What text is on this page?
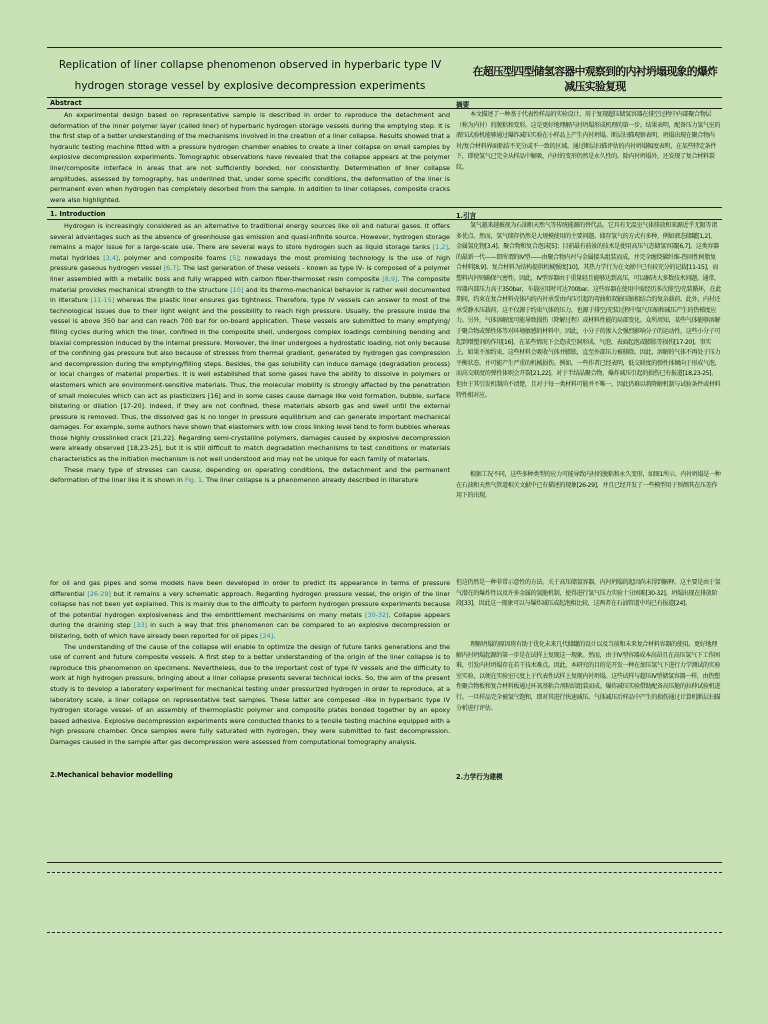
Replication of liner collapse phenomenon observed in hyperbaric type IV hydrogen storage vessel by explosive decompression experiments
在超压型四型储氢容器中观察到的内衬坍塌现象的爆炸减压实验复现
Abstract	摘要

An experimental design based on representative sample is described in order to reproduce the detachment and deformation of the inner polymer layer (called liner) of hyperbaric hydrogen storage vessels during the emptying step. It is the first step of a better understanding of the mechanisms involved in the creation of a liner collapse. Results showed that a hydraulic testing machine fitted with a pressure hydrogen chamber enables to create a liner collapse on small samples by explosive decompression experiments. Tomographic observations have revealed that the collapse appears at the polymer liner/composite interface in areas that are not sufficiently bonded, nor consistently. Determination of liner collapse amplitudes, assessed by tomography, has underlined that, under some specific conditions, the deformation of the liner is permanent even when hydrogen has completely desorbed from the sample. In addition to liner collapses, composite cracks were also highlighted.

本文描述了一种基于代表性样品的实验设计，用于复现超压储氢容器在排空过程中内部聚合物层（称为内衬）的脱粘和变形。这是更好地理解内衬坍塌形成机理的第一步。结果表明，配备压力氢气室的液压试验机能够通过爆炸减压实验在小样品上产生内衬坍塌。断层扫描观察表明，坍塌出现在聚合物内衬/复合材料界面粘结不充分或不一致的区域。通过断层扫描评估的内衬坍塌幅度表明，在某些特定条件下，即使氢气已完全从样品中解吸，内衬的变形仍然是永久性的。除内衬坍塌外，还发现了复合材料裂纹。

1. Introduction	1.引言

Hydrogen is increasingly considered as an alternative to traditional energy sources like oil and natural gases. It offers several advantages such as the absence of greenhouse gas emission and quasi-infinite source. However, hydrogen storage remains a major issue for a large-scale use. There are several ways to store hydrogen such as liquid storage tanks [1,2], metal hydrides [3,4], polymer and composite foams [5]; nowadays the most promising technology is the use of high pressure gaseous hydrogen vessel [6,7]. The last generation of these vessels - known as type IV- is composed of a polymer liner assembled with a metallic boss and fully wrapped with carbon fiber-thermoset resin composite [8,9]. The composite material provides mechanical strength to the structure [10] and its thermo-mechanical behavior is rather well documented in literature [11-15] whereas the plastic liner ensures gas tightness. Therefore, type IV vessels can answer to most of the technological issues due to their light weight and the possibility to reach high pressure. Usually, the pressure inside the vessel is above 350 bar and can reach 700 bar for on-board application. These vessels are submitted to many emptying/ filling cycles during which the liner, confined in the composite shell, undergoes complex loadings combining bending and biaxial compression induced by the internal pressure. Moreover, the liner undergoes a hydrostatic loading, not only because of the confining gas pressure but also because of stresses from thermal gradient, generated by hydrogen gas compression and decompression during the emptying/filling steps. Besides, the gas solubility can induce damage (degradation process) or local changes of material properties. It is well established that some gases have the ability to dissolve in polymers or elastomers which are environment-sensitive materials. Thus, the molecular mobility is strongly affected by the penetration of small molecules which can act as plasticizers [16] and in some cases cause damage like void formation, bubble, surface blistering or dilation [17-20]. Indeed, if they are not confined, these materials absorb gas and swell until the external pressure is removed. Thus, the dissolved gas is no longer in pressure equilibrium and can generate important mechanical damages. For example, some authors have shown that elastomers with low cross linking level tend to form bubbles whereas those highly crosslinked crack [21,22]. Regarding semi-crystalline polymers, damages caused by explosive decompression were already observed [18,23-25], but it is still difficult to match degradation mechanisms to test conditions or materials characteristics as the initiation mechanism is not well understood and may not be unique for each family of materials.

These many type of stresses can cause, depending on operating conditions, the detachment and the permanent deformation of the liner like it is shown in Fig. 1. The liner collapse is a phenomenon already described in literature

氢气越来越被视为石油和天然气等传统能源的替代品。它具有无温室气体排放和来源近乎无限等诸多优点。然而，氢气储存仍然是大规模使用的主要问题。储存氢气的方式有多种，例如液态储罐[1,2]、金属氢化物[3,4]、聚合物和复合泡沫[5]；目前最有前景的技术是使用高压气态储氢容器[6,7]。这类容器的最新一代——即所谓的IV型——由聚合物内衬与金属接头组装而成，并完全缠绕碳纤维-热固性树脂复合材料[8,9]。复合材料为结构提供机械强度[10]，其热力学行为在文献中已有较充分的记载[11-15]，而塑料内衬则确保气密性。因此，IV型容器由于重量轻且能够达到高压，可以解决大多数技术问题。通常，容器内部压力高于350bar，车载应用时可达700bar。这些容器在使用中需经历多次排空/充装循环，在此期间，约束在复合材料壳体内的内衬承受由内压引起的弯曲和双轴压缩相结合的复杂载荷。此外，内衬还承受静水压载荷，这不仅源于约束气体的压力，也源于排空/充装过程中氢气压缩和减压产生的热梯度应力。另外，气体溶解度可能导致损伤（降解过程）或材料性能的局部变化。众所周知，某些气体能够溶解于聚合物或弹性体等对环境敏感的材料中。因此，小分子的渗入会强烈影响分子的运动性，这些小分子可起到增塑剂的作用[16]，在某些情况下会造成空洞形成、气泡、表面起泡或膨胀等损伤[17-20]。事实上，如果不加约束，这些材料会吸收气体并膨胀，直至外部压力被移除。因此，溶解的气体不再处于压力平衡状态，并可能产生严重的机械损伤。例如，一些作者已经表明，低交联度的弹性体倾向于形成气泡，而高交联度的弹性体则会开裂[21,22]。对于半结晶聚合物，爆炸减压引起的损伤已有报道[18,23-25]，但由于其引发机制尚不清楚，且对于每一类材料可能并不唯一，因此仍难以将降解机制与试验条件或材料特性相对应。

根据工况不同，这些多种类型的应力可能导致内衬的脱粘和永久变形，如图1所示。内衬坍塌是一种在石油和天然气管道相关文献中已有描述的现象[26-29]，并且已经开发了一些模型用于预测其在压差作用下的出现。

for oil and gas pipes and some models have been developed in order to predict its appearance in terms of pressure differential [26-29] but it remains a very schematic approach. Regarding hydrogen pressure vessel, the origin of the liner collapse has not been yet explained. This is mainly due to the difficulty to perform hydrogen pressure experiments because of the potential hydrogen explosiveness and the embrittlement mechanisms on many metals [30-32]. Collapse appears during the draining step [33] in such a way that this phenomenon can be compared to an explosive decompression or blistering, both of which have already been reported for oil pipes [24].

The understanding of the cause of the collapse will enable to optimize the design of future tanks generations and the use of current and future composite vessels. A first step to a better understanding of the origin of the liner collapse is to reproduce this phenomenon on specimens. Nevertheless, due to the important cost of type IV vessels and the difficulty to work at high hydrogen pressure, bringing about a liner collapse presents several technical locks. So, the aim of the present study is to develop a laboratory experiment for mechanical testing under pressurized hydrogen in order to reproduce, at a laboratory scale, a liner collapse on representative test samples. These latter are composed -like in hyperbaric type IV hydrogen storage vessel- of an assembly of thermoplastic polymer and composite plates bonded together by an epoxy based adhesive. Explosive decompression experiments were conducted thanks to a tensile testing machine equipped with a high pressure chamber. Once samples were fully saturated with hydrogen, they were submitted to fast decompression. Damages caused in the sample after gas decompression were assessed from computational tomography analysis.

但这仍然是一种非常示意性的方法。关于高压储氢容器，内衬坍塌的起因尚未得到解释。这主要是由于氢气潜在的爆炸性以及许多金属的氢脆机制，使得进行氢气压力实验十分困难[30-32]。坍塌出现在排放阶段[33]，因此这一现象可以与爆炸减压或起泡相比较，这两者在石油管道中均已有报道[24]。

理解坍塌的原因将有助于优化未来几代储罐的设计以及当前和未来复合材料容器的使用。更好地理解内衬坍塌起源的第一步是在试样上复现这一现象。然而，由于IV型容器成本高昂且在高压氢气下工作困难，引发内衬坍塌存在若干技术难点。因此，本研究的目的是开发一种在加压氢气下进行力学测试的实验室实验，以便在实验室尺度上于代表性试样上复现内衬坍塌。这些试样与超压IV型储氢容器一样，由热塑性聚合物板和复合材料板通过环氧基粘合剂粘结组装而成。爆炸减压实验借助配备高压舱的拉伸试验机进行。一旦样品完全被氢气饱和，即对其进行快速减压。气体减压后样品中产生的损伤通过计算机断层扫描分析进行评估。

2.Mechanical behavior modelling	2.力学行为建模
